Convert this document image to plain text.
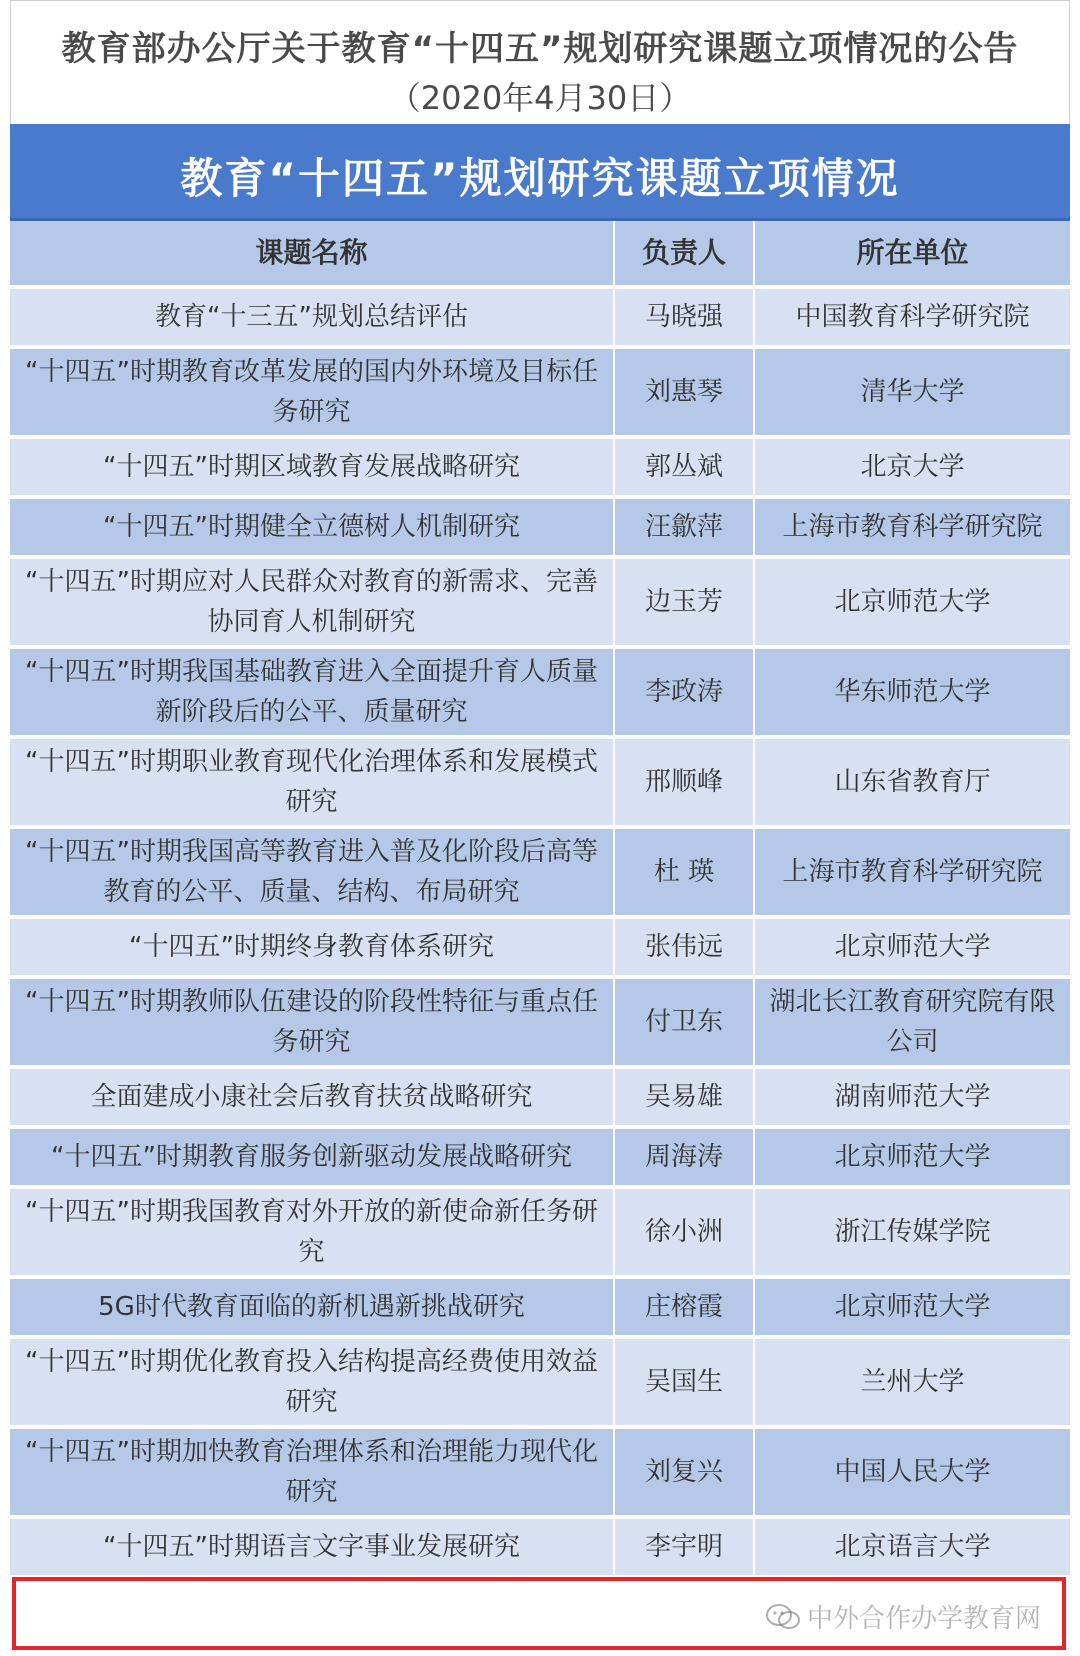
教育部办公厅关于教育“十四五”规划研究课题立项情况的公告
（2020年4月30日）
教育“十四五”规划研究课题立项情况
课题名称	负责人	所在单位
教育“十三五”规划总结评估	马晓强	中国教育科学研究院
“十四五”时期教育改革发展的国内外环境及目标任务研究	刘惠琴	清华大学
“十四五”时期区域教育发展战略研究	郭丛斌	北京大学
“十四五”时期健全立德树人机制研究	汪歙萍	上海市教育科学研究院
“十四五”时期应对人民群众对教育的新需求、完善协同育人机制研究	边玉芳	北京师范大学
“十四五”时期我国基础教育进入全面提升育人质量新阶段后的公平、质量研究	李政涛	华东师范大学
“十四五”时期职业教育现代化治理体系和发展模式研究	邢顺峰	山东省教育厅
“十四五”时期我国高等教育进入普及化阶段后高等教育的公平、质量、结构、布局研究	杜 瑛	上海市教育科学研究院
“十四五”时期终身教育体系研究	张伟远	北京师范大学
“十四五”时期教师队伍建设的阶段性特征与重点任务研究	付卫东	湖北长江教育研究院有限公司
全面建成小康社会后教育扶贫战略研究	吴易雄	湖南师范大学
“十四五”时期教育服务创新驱动发展战略研究	周海涛	北京师范大学
“十四五”时期我国教育对外开放的新使命新任务研究	徐小洲	浙江传媒学院
5G时代教育面临的新机遇新挑战研究	庄榕霞	北京师范大学
“十四五”时期优化教育投入结构提高经费使用效益研究	吴国生	兰州大学
“十四五”时期加快教育治理体系和治理能力现代化研究	刘复兴	中国人民大学
“十四五”时期语言文字事业发展研究	李宇明	北京语言大学
中外合作办学教育网
